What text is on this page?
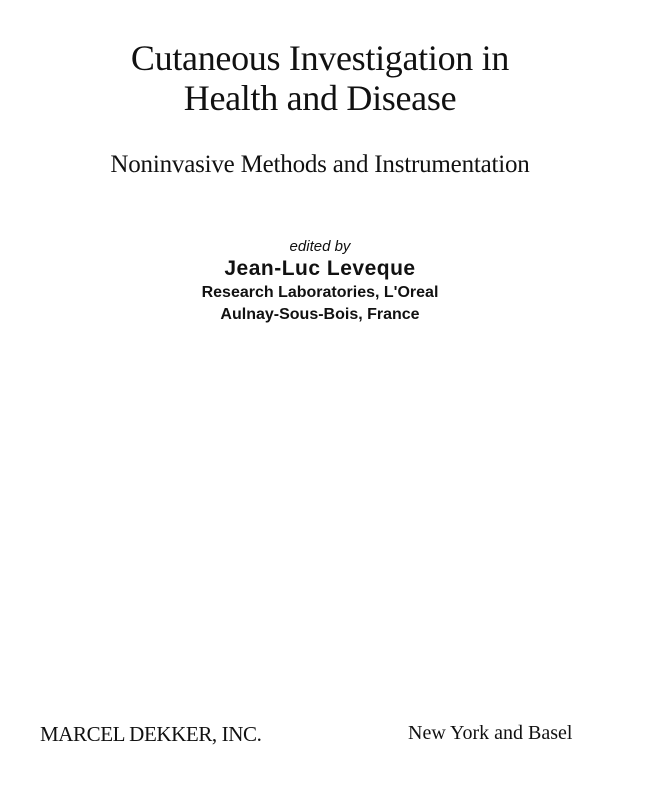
Cutaneous Investigation in
Health and Disease
Noninvasive Methods and Instrumentation
edited by
Jean-Luc Leveque
Research Laboratories, L'Oreal
Aulnay-Sous-Bois, France
MARCEL DEKKER, INC.	New York and Basel
